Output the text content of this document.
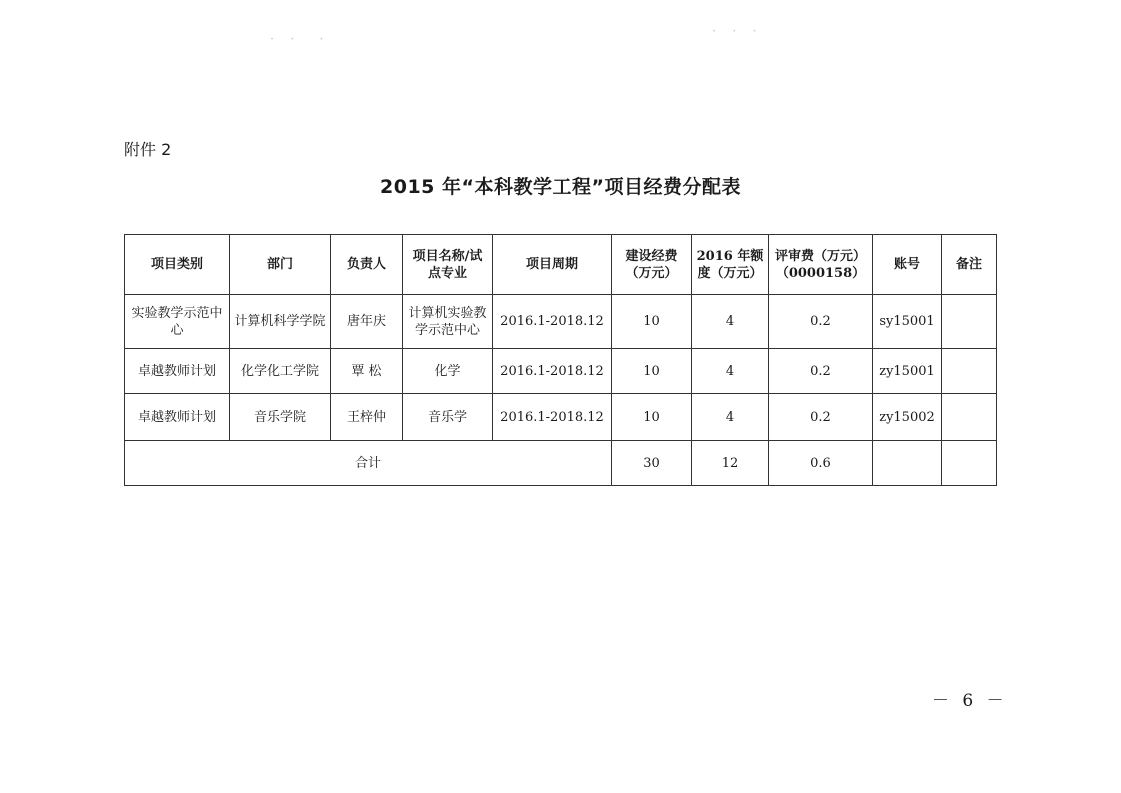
· ·　·
· · ·
附件 2
2015 年“本科教学工程”项目经费分配表
项目类别	部门	负责人	项目名称/试点专业	项目周期	建设经费（万元）	2016 年额度（万元）	评审费（万元）（0000158）	账号	备注
实验教学示范中心	计算机科学学院	唐年庆	计算机实验教学示范中心	2016.1-2018.12	10	4	0.2	sy15001	
卓越教师计划	化学化工学院	覃 松	化学	2016.1-2018.12	10	4	0.2	zy15001	
卓越教师计划	音乐学院	王梓仲	音乐学	2016.1-2018.12	10	4	0.2	zy15002	
合计					30	12	0.6		
－ 6 －
